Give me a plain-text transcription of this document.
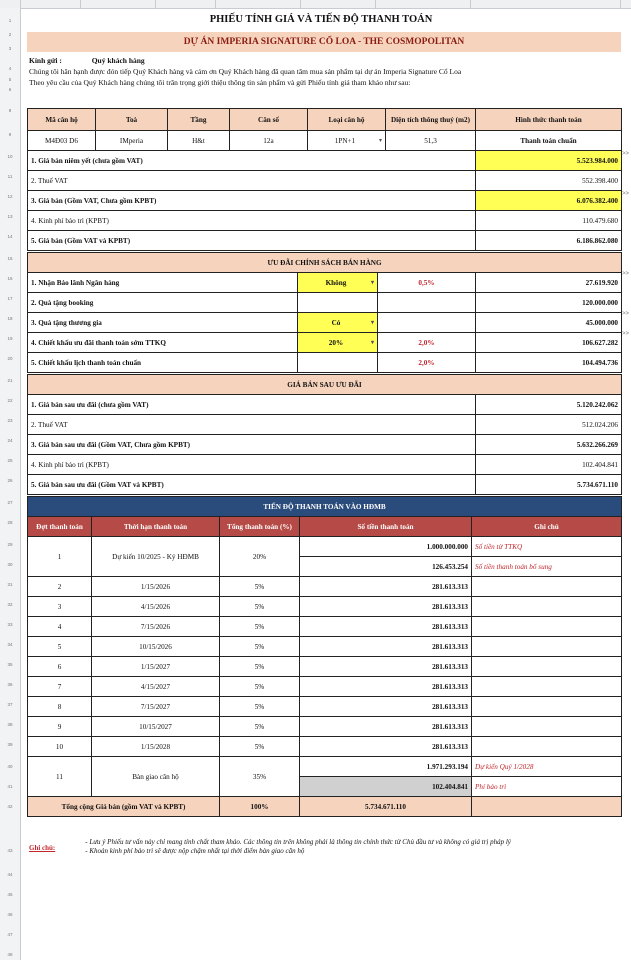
1
2
3
4
5
6
8
9
10
11
12
13
14
15
16
17
18
19
20
21
22
23
24
25
26
27
28
29
30
31
32
33
34
35
36
37
38
39
40
41
42
43
44
45
46
47
48
PHIẾU TÍNH GIÁ VÀ TIẾN ĐỘ THANH TOÁN
DỰ ÁN IMPERIA SIGNATURE CỔ LOA - THE COSMOPOLITAN
Kính gửi :	Quý khách hàng
Chúng tôi hân hạnh được đón tiếp Quý Khách hàng và cảm ơn Quý Khách hàng đã quan tâm mua sản phẩm tại dự án Imperia Signature Cổ Loa
Theo yêu cầu của Quý Khách hàng chúng tôi trân trọng giới thiệu thông tin sản phẩm và gửi Phiếu tính giá tham khảo như sau:
Mã căn hộ	Toà	Tầng	Căn số	Loại căn hộ	Diện tích thông thuỷ (m2)	Hình thức thanh toán
M4Đ03 D6	IMperia	H&t	12a	1PN+1 ▾	51,3	Thanh toán chuẩn
1. Giá bán niêm yết (chưa gồm VAT)	5.523.984.000
2. Thuế VAT	552.398.400
3. Giá bán (Gồm VAT, Chưa gồm KPBT)	6.076.382.400
4. Kinh phí bảo trì (KPBT)	110.479.680
5. Giá bán (Gồm VAT và KPBT)	6.186.862.080
ƯU ĐÃI CHÍNH SÁCH BÁN HÀNG			
1. Nhận Bảo lãnh Ngân hàng	Không ▾	0,5%	27.619.920
2. Quà tặng booking			120.000.000
3. Quà tặng thương gia	Có ▾		45.000.000
4. Chiết khấu ưu đãi thanh toán sớm TTKQ	20% ▾	2,0%	106.627.282
5. Chiết khấu lịch thanh toán chuẩn		2,0%	104.494.736
GIÁ BÁN SAU ƯU ĐÃI	
1. Giá bán sau ưu đãi (chưa gồm VAT)	5.120.242.062
2. Thuế VAT	512.024.206
3. Giá bán sau ưu đãi (Gồm VAT, Chưa gồm KPBT)	5.632.266.269
4. Kinh phí bảo trì (KPBT)	102.404.841
5. Giá bán sau ưu đãi (Gồm VAT và KPBT)	5.734.671.110
TIẾN ĐỘ THANH TOÁN VÀO HĐMB				
Đợt thanh toán	Thời hạn thanh toán	Tổng thanh toán (%)	Số tiền thanh toán	Ghi chú
1	Dự kiến 10/2025 - Ký HĐMB	20%	1.000.000.000	Số tiền từ TTKQ
			126.453.254	Số tiền thanh toán bổ sung
2	1/15/2026	5%	281.613.313	
3	4/15/2026	5%	281.613.313	
4	7/15/2026	5%	281.613.313	
5	10/15/2026	5%	281.613.313	
6	1/15/2027	5%	281.613.313	
7	4/15/2027	5%	281.613.313	
8	7/15/2027	5%	281.613.313	
9	10/15/2027	5%	281.613.313	
10	1/15/2028	5%	281.613.313	
11	Bàn giao căn hộ	35%	1.971.293.194	Dự kiến Quý 1/2028
			102.404.841	Phí bảo trì
Tổng cộng Giá bán (gồm VAT và KPBT)		100%	5.734.671.110	
Ghi chú:
- Lưu ý Phiếu tư vấn này chỉ mang tính chất tham khảo. Các thông tin trên không phải là thông tin chính thức từ Chủ đầu tư và không có giá trị pháp lý
- Khoản kinh phí bảo trì sẽ được nộp chậm nhất tại thời điểm bàn giao căn hộ
>>
>>
>>
>>
>>
